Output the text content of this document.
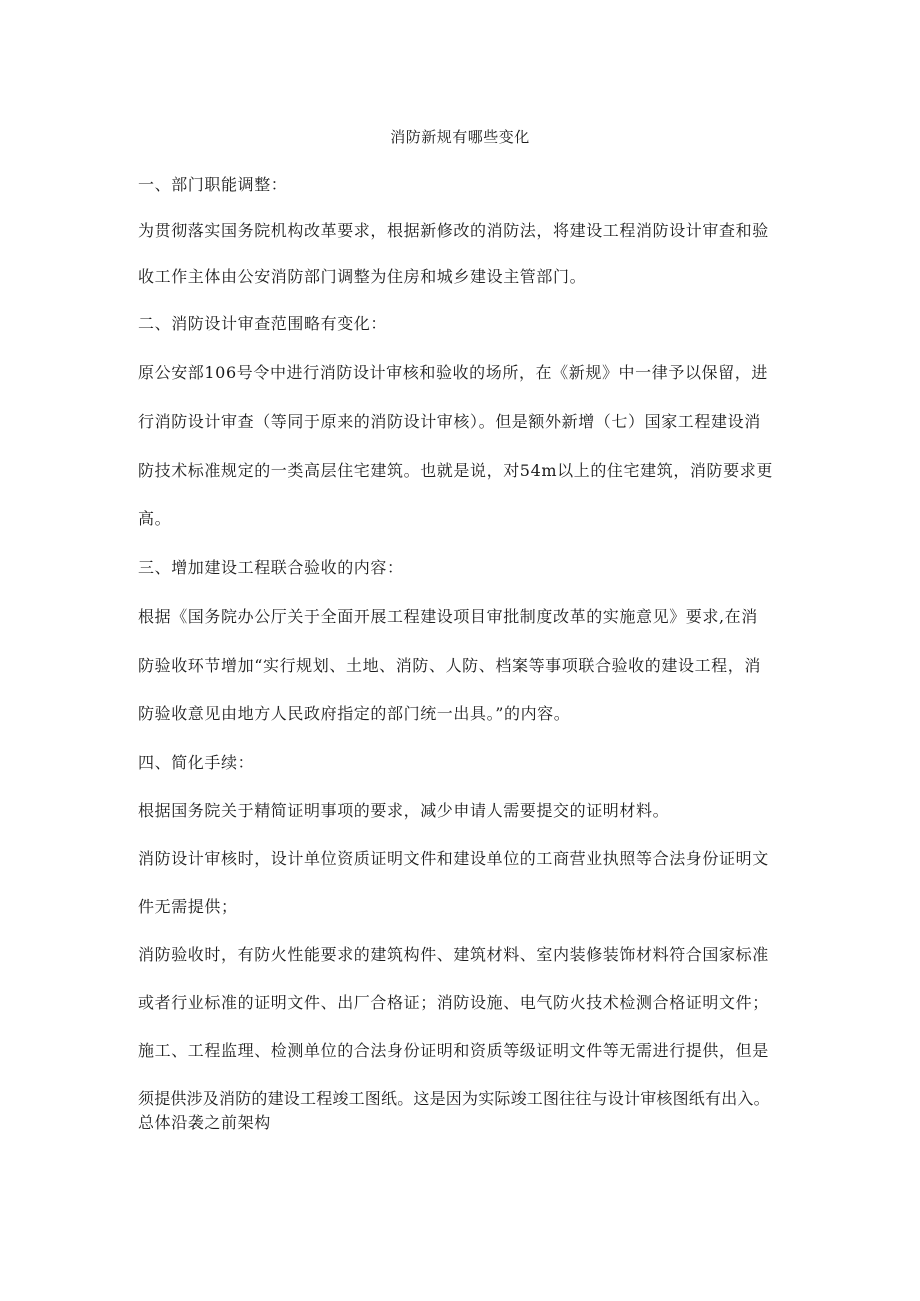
消防新规有哪些变化
一、部门职能调整：
为贯彻落实国务院机构改革要求，根据新修改的消防法，将建设工程消防设计审查和验
收工作主体由公安消防部门调整为住房和城乡建设主管部门。
二、消防设计审查范围略有变化：
原公安部106号令中进行消防设计审核和验收的场所，在《新规》中一律予以保留，进
行消防设计审查（等同于原来的消防设计审核）。但是额外新增（七）国家工程建设消
防技术标准规定的一类高层住宅建筑。也就是说，对54m以上的住宅建筑，消防要求更
高。
三、增加建设工程联合验收的内容：
根据《国务院办公厅关于全面开展工程建设项目审批制度改革的实施意见》要求,在消
防验收环节增加“实行规划、土地、消防、人防、档案等事项联合验收的建设工程，消
防验收意见由地方人民政府指定的部门统一出具。”的内容。
四、简化手续：
根据国务院关于精简证明事项的要求，减少申请人需要提交的证明材料。
消防设计审核时，设计单位资质证明文件和建设单位的工商营业执照等合法身份证明文
件无需提供；
消防验收时，有防火性能要求的建筑构件、建筑材料、室内装修装饰材料符合国家标准
或者行业标准的证明文件、出厂合格证；消防设施、电气防火技术检测合格证明文件；
施工、工程监理、检测单位的合法身份证明和资质等级证明文件等无需进行提供，但是
须提供涉及消防的建设工程竣工图纸。这是因为实际竣工图往往与设计审核图纸有出入。
总体沿袭之前架构
